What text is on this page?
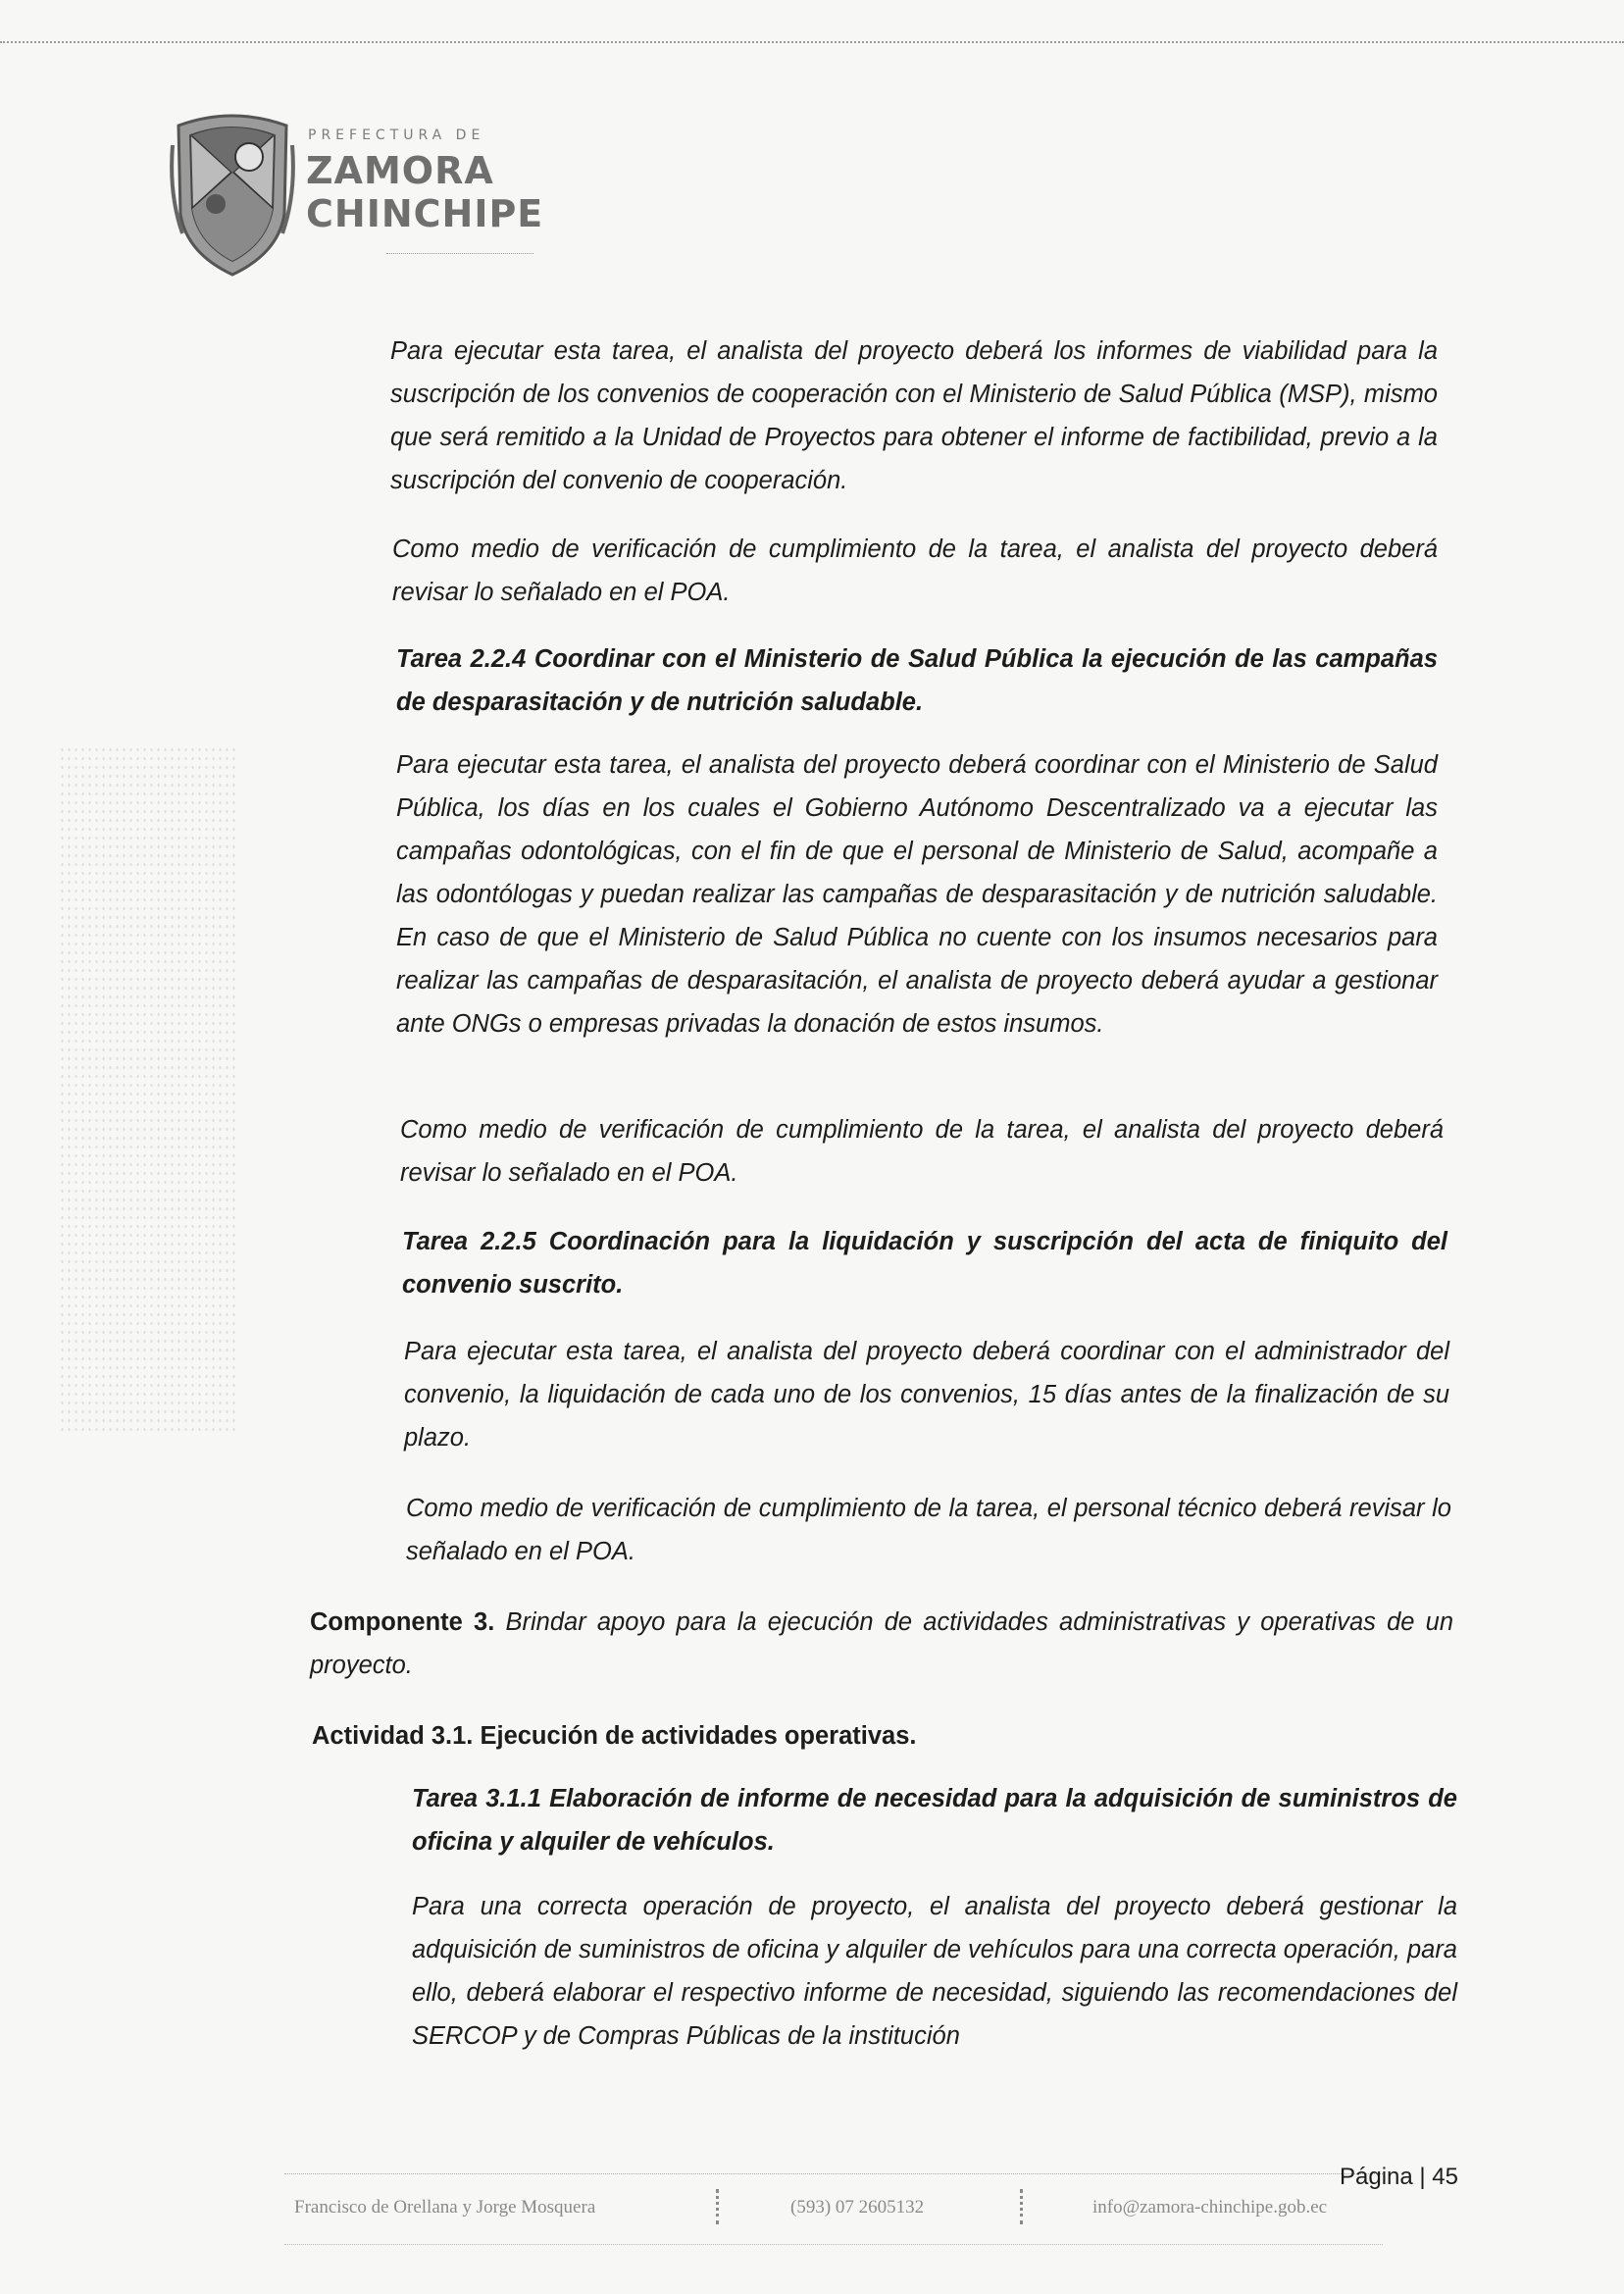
PREFECTURA DE
ZAMORA
CHINCHIPE

Para ejecutar esta tarea, el analista del proyecto deberá los informes de viabilidad para la suscripción de los convenios de cooperación con el Ministerio de Salud Pública (MSP), mismo que será remitido a la Unidad de Proyectos para obtener el informe de factibilidad, previo a la suscripción del convenio de cooperación.

Como medio de verificación de cumplimiento de la tarea, el analista del proyecto deberá revisar lo señalado en el POA.

Tarea 2.2.4 Coordinar con el Ministerio de Salud Pública la ejecución de las campañas de desparasitación y de nutrición saludable.

Para ejecutar esta tarea, el analista del proyecto deberá coordinar con el Ministerio de Salud Pública, los días en los cuales el Gobierno Autónomo Descentralizado va a ejecutar las campañas odontológicas, con el fin de que el personal de Ministerio de Salud, acompañe a las odontólogas y puedan realizar las campañas de desparasitación y de nutrición saludable. En caso de que el Ministerio de Salud Pública no cuente con los insumos necesarios para realizar las campañas de desparasitación, el analista de proyecto deberá ayudar a gestionar ante ONGs o empresas privadas la donación de estos insumos.

Como medio de verificación de cumplimiento de la tarea, el analista del proyecto deberá revisar lo señalado en el POA.

Tarea 2.2.5 Coordinación para la liquidación y suscripción del acta de finiquito del convenio suscrito.

Para ejecutar esta tarea, el analista del proyecto deberá coordinar con el administrador del convenio, la liquidación de cada uno de los convenios, 15 días antes de la finalización de su plazo.

Como medio de verificación de cumplimiento de la tarea, el personal técnico deberá revisar lo señalado en el POA.

Componente 3. Brindar apoyo para la ejecución de actividades administrativas y operativas de un proyecto.

Actividad 3.1. Ejecución de actividades operativas.

Tarea 3.1.1 Elaboración de informe de necesidad para la adquisición de suministros de oficina y alquiler de vehículos.

Para una correcta operación de proyecto, el analista del proyecto deberá gestionar la adquisición de suministros de oficina y alquiler de vehículos para una correcta operación, para ello, deberá elaborar el respectivo informe de necesidad, siguiendo las recomendaciones del SERCOP y de Compras Públicas de la institución

Página | 45
Francisco de Orellana y Jorge Mosquera	(593) 07 2605132	info@zamora-chinchipe.gob.ec
